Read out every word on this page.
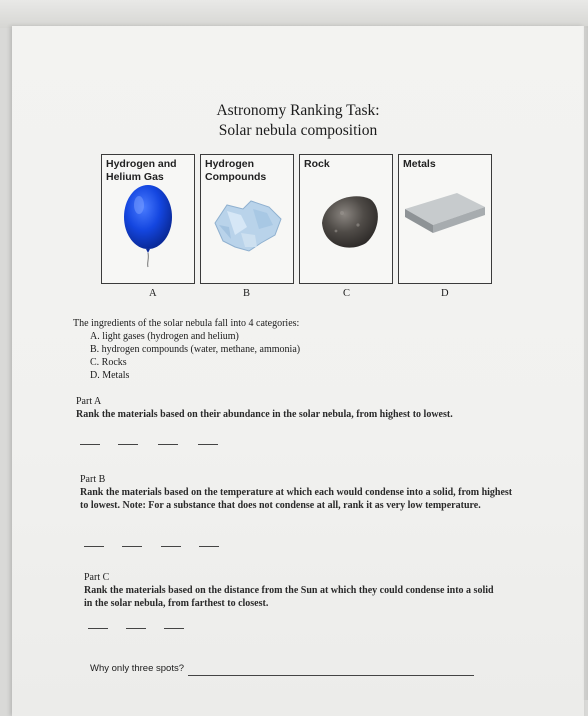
Astronomy Ranking Task:
Solar nebula composition
Hydrogen and
Helium Gas
Hydrogen
Compounds
Rock	Metals
A	B	C	D
The ingredients of the solar nebula fall into 4 categories:
A. light gases (hydrogen and helium)
B. hydrogen compounds (water, methane, ammonia)
C. Rocks
D. Metals
Part A
Rank the materials based on their abundance in the solar nebula, from highest to lowest.
Part B
Rank the materials based on the temperature at which each would condense into a solid, from highest to lowest. Note: For a substance that does not condense at all, rank it as very low temperature.
Part C
Rank the materials based on the distance from the Sun at which they could condense into a solid in the solar nebula, from farthest to closest.
Why only three spots?
